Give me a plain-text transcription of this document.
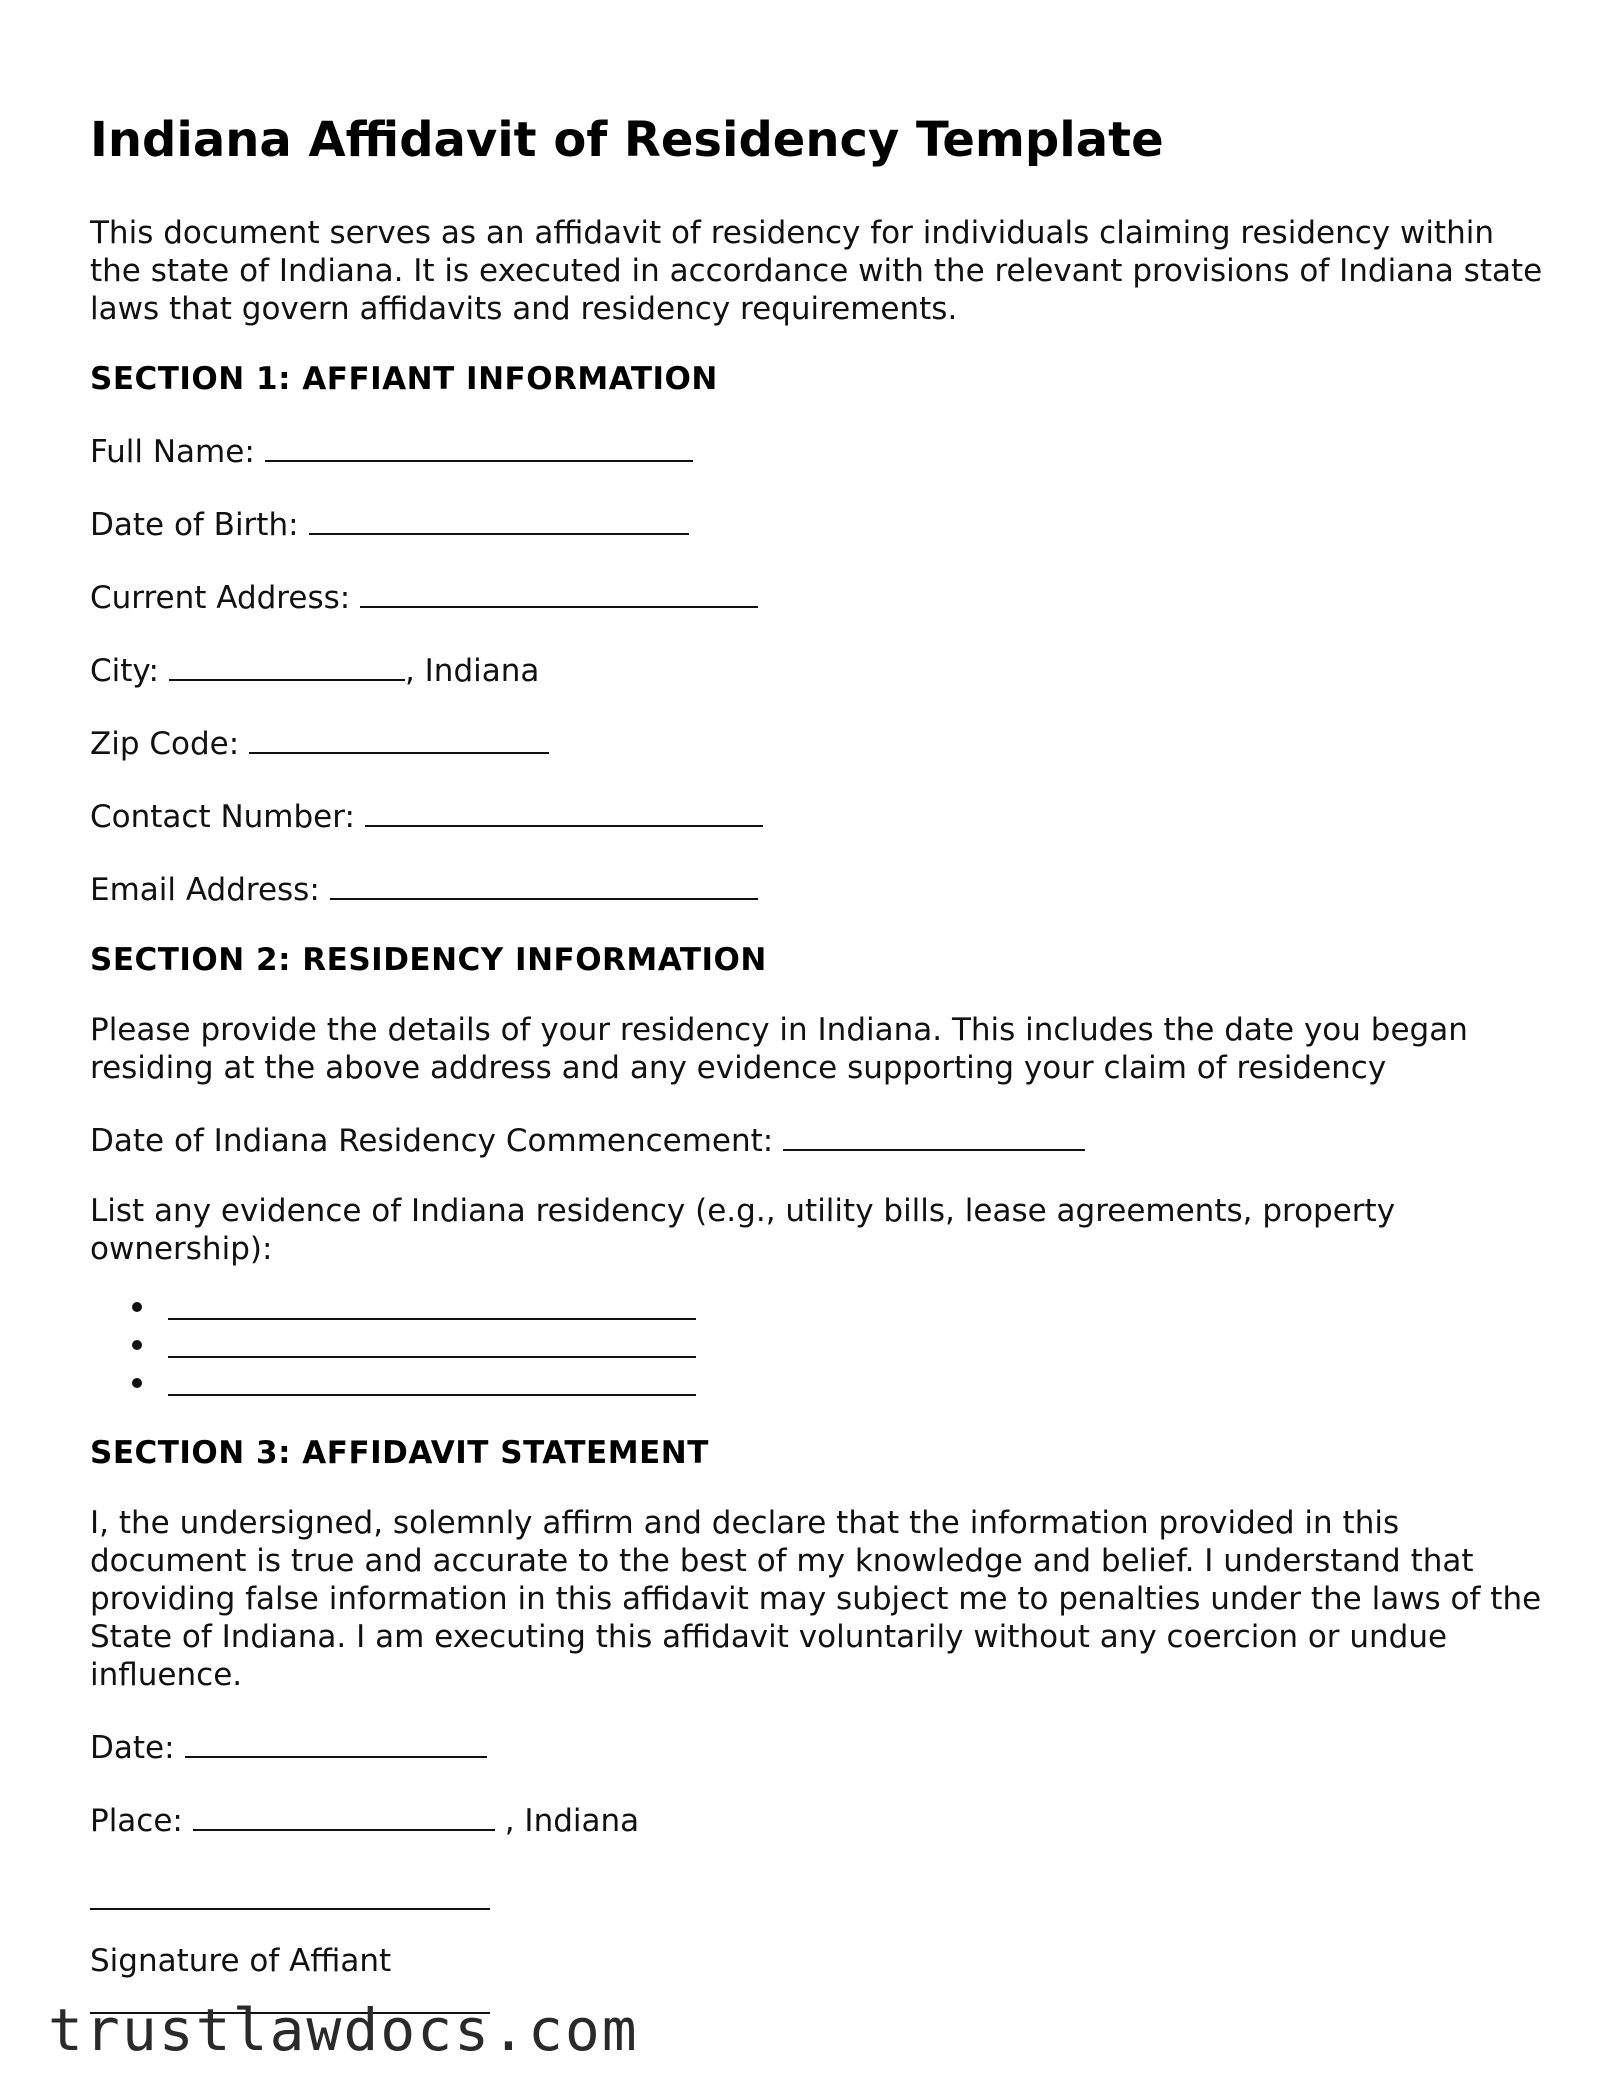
Indiana Affidavit of Residency Template

This document serves as an affidavit of residency for individuals claiming residency within the state of Indiana. It is executed in accordance with the relevant provisions of Indiana state laws that govern affidavits and residency requirements.

SECTION 1: AFFIANT INFORMATION
Full Name:
Date of Birth:
Current Address:
City:	, Indiana
Zip Code:
Contact Number:
Email Address:
SECTION 2: RESIDENCY INFORMATION

Please provide the details of your residency in Indiana. This includes the date you began residing at the above address and any evidence supporting your claim of residency

Date of Indiana Residency Commencement:

List any evidence of Indiana residency (e.g., utility bills, lease agreements, property ownership):

SECTION 3: AFFIDAVIT STATEMENT

I, the undersigned, solemnly affirm and declare that the information provided in this document is true and accurate to the best of my knowledge and belief. I understand that providing false information in this affidavit may subject me to penalties under the laws of the State of Indiana. I am executing this affidavit voluntarily without any coercion or undue influence.

Date:
Place:	, Indiana

Signature of Affiant

trustlawdocs.com
